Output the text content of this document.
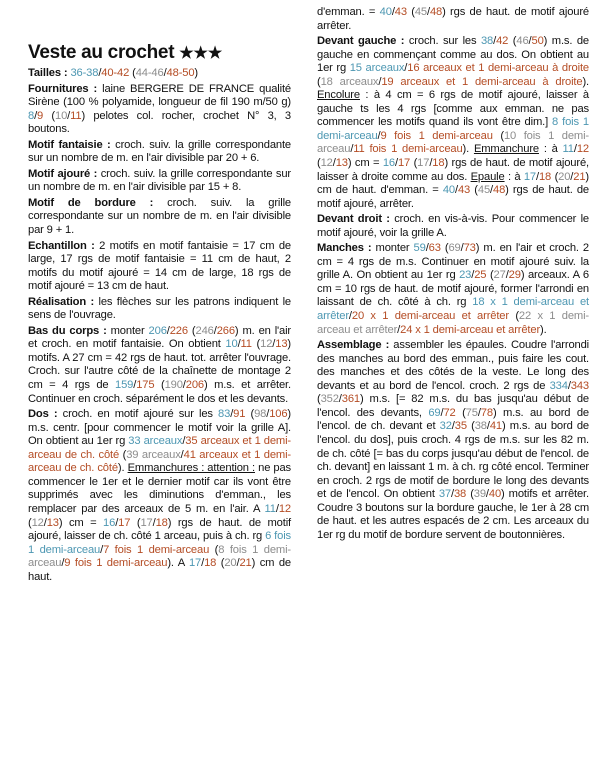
Veste au crochet ★★★

Tailles : 36-38/40-42 (44-46/48-50)

Fournitures : laine BERGERE DE FRANCE qualité Sirène (100 % polyamide, longueur de fil 190 m/50 g) 8/9 (10/11) pelotes col. rocher, crochet N° 3, 3 boutons.

Motif fantaisie : croch. suiv. la grille correspondante sur un nombre de m. en l'air divisible par 20 + 6.

Motif ajouré : croch. suiv. la grille correspondante sur un nombre de m. en l'air divisible par 15 + 8.

Motif de bordure : croch. suiv. la grille correspondante sur un nombre de m. en l'air divisible par 9 + 1.

Echantillon : 2 motifs en motif fantaisie = 17 cm de large, 17 rgs de motif fantaisie = 11 cm de haut, 2 motifs du motif ajouré = 14 cm de large, 18 rgs de motif ajouré = 13 cm de haut.

Réalisation : les flèches sur les patrons indiquent le sens de l'ouvrage.

Bas du corps : monter 206/226 (246/266) m. en l'air et croch. en motif fantaisie. On obtient 10/11 (12/13) motifs. A 27 cm = 42 rgs de haut. tot. arrêter l'ouvrage. Croch. sur l'autre côté de la chaînette de montage 2 cm = 4 rgs de 159/175 (190/206) m.s. et arrêter. Continuer en croch. séparément le dos et les devants.

Dos : croch. en motif ajouré sur les 83/91 (98/106) m.s. centr. [pour commencer le motif voir la grille A]. On obtient au 1er rg 33 arceaux/35 arceaux et 1 demi-arceau de ch. côté (39 arceaux/41 arceaux et 1 demi-arceau de ch. côté). Emmanchures : attention : ne pas commencer le 1er et le dernier motif car ils vont être supprimés avec les diminutions d'emman., les remplacer par des arceaux de 5 m. en l'air. A 11/12 (12/13) cm = 16/17 (17/18) rgs de haut. de motif ajouré, laisser de ch. côté 1 arceau, puis à ch. rg 6 fois 1 demi-arceau/7 fois 1 demi-arceau (8 fois 1 demi-arceau/9 fois 1 demi-arceau). A 17/18 (20/21) cm de haut.

d'emman. = 40/43 (45/48) rgs de haut. de motif ajouré arrêter.

Devant gauche : croch. sur les 38/42 (46/50) m.s. de gauche en commençant comme au dos. On obtient au 1er rg 15 arceaux/16 arceaux et 1 demi-arceau à droite (18 arceaux/19 arceaux et 1 demi-arceau à droite). Encolure : à 4 cm = 6 rgs de motif ajouré, laisser à gauche ts les 4 rgs [comme aux emman. ne pas commencer les motifs quand ils vont être dim.] 8 fois 1 demi-arceau/9 fois 1 demi-arceau (10 fois 1 demi-arceau/11 fois 1 demi-arceau). Emmanchure : à 11/12 (12/13) cm = 16/17 (17/18) rgs de haut. de motif ajouré, laisser à droite comme au dos. Epaule : à 17/18 (20/21) cm de haut. d'emman. = 40/43 (45/48) rgs de haut. de motif ajouré, arrêter.

Devant droit : croch. en vis-à-vis. Pour commencer le motif ajouré, voir la grille A.

Manches : monter 59/63 (69/73) m. en l'air et croch. 2 cm = 4 rgs de m.s. Continuer en motif ajouré suiv. la grille A. On obtient au 1er rg 23/25 (27/29) arceaux. A 6 cm = 10 rgs de haut. de motif ajouré, former l'arrondi en laissant de ch. côté à ch. rg 18 x 1 demi-arceau et arrêter/20 x 1 demi-arceau et arrêter (22 x 1 demi-arceau et arrêter/24 x 1 demi-arceau et arrêter).

Assemblage : assembler les épaules. Coudre l'arrondi des manches au bord des emman., puis faire les cout. des manches et des côtés de la veste. Le long des devants et au bord de l'encol. croch. 2 rgs de 334/343 (352/361) m.s. [= 82 m.s. du bas jusqu'au début de l'encol. des devants, 69/72 (75/78) m.s. au bord de l'encol. de ch. devant et 32/35 (38/41) m.s. au bord de l'encol. du dos], puis croch. 4 rgs de m.s. sur les 82 m. de ch. côté [= bas du corps jusqu'au début de l'encol. de ch. devant] en laissant 1 m. à ch. rg côté encol. Terminer en croch. 2 rgs de motif de bordure le long des devants et de l'encol. On obtient 37/38 (39/40) motifs et arrêter. Coudre 3 boutons sur la bordure gauche, le 1er à 28 cm de haut. et les autres espacés de 2 cm. Les arceaux du 1er rg du motif de bordure servent de boutonnières.
